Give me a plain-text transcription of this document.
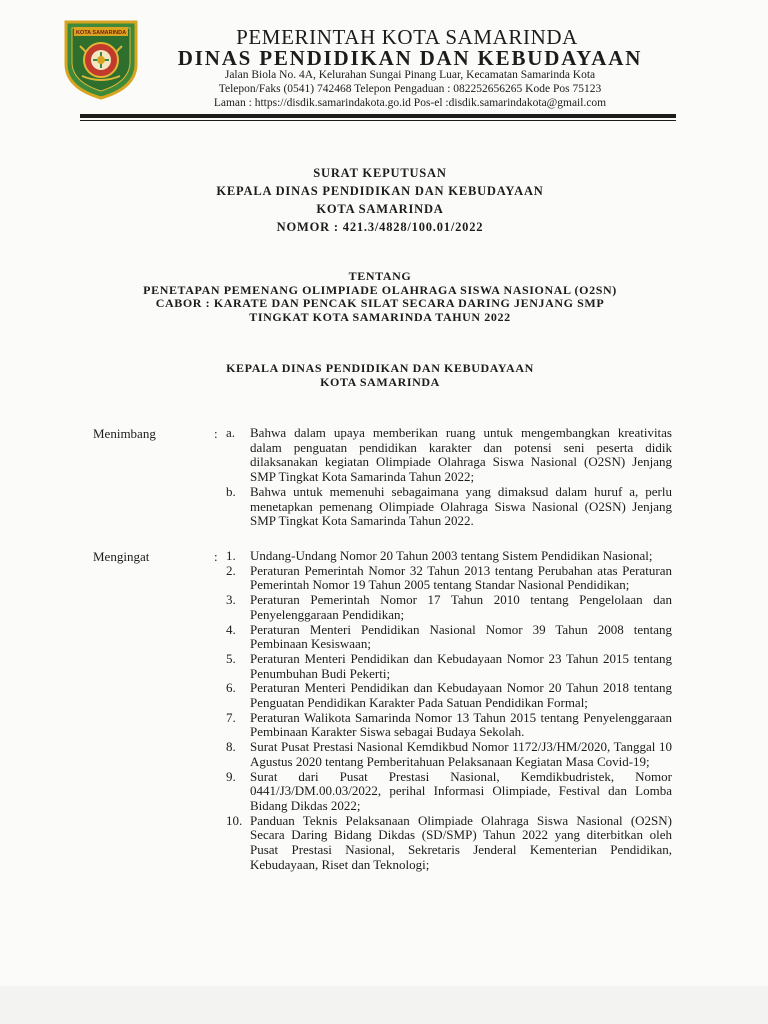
KOTA SAMARINDA	PEMERINTAH KOTA SAMARINDA
DINAS PENDIDIKAN DAN KEBUDAYAAN
Jalan Biola No. 4A, Kelurahan Sungai Pinang Luar, Kecamatan Samarinda Kota
Telepon/Faks (0541) 742468 Telepon Pengaduan : 082252656265 Kode Pos 75123
Laman : https://disdik.samarindakota.go.id Pos-el :disdik.samarindakota@gmail.com
SURAT KEPUTUSAN
KEPALA DINAS PENDIDIKAN DAN KEBUDAYAAN
KOTA SAMARINDA
NOMOR : 421.3/4828/100.01/2022
TENTANG
PENETAPAN PEMENANG OLIMPIADE OLAHRAGA SISWA NASIONAL (O2SN)
CABOR : KARATE DAN PENCAK SILAT SECARA DARING JENJANG SMP
TINGKAT KOTA SAMARINDA TAHUN 2022
KEPALA DINAS PENDIDIKAN DAN KEBUDAYAAN
KOTA SAMARINDA
Menimbang	: a.	Bahwa dalam upaya memberikan ruang untuk mengembangkan kreativitas dalam penguatan pendidikan karakter dan potensi seni peserta didik dilaksanakan kegiatan Olimpiade Olahraga Siswa Nasional (O2SN) Jenjang SMP Tingkat Kota Samarinda Tahun 2022;
b.	Bahwa untuk memenuhi sebagaimana yang dimaksud dalam huruf a, perlu menetapkan pemenang Olimpiade Olahraga Siswa Nasional (O2SN) Jenjang SMP Tingkat Kota Samarinda Tahun 2022.
Mengingat	: 1.	Undang-Undang Nomor 20 Tahun 2003 tentang Sistem Pendidikan Nasional;
2.	Peraturan Pemerintah Nomor 32 Tahun 2013 tentang Perubahan atas Peraturan Pemerintah Nomor 19 Tahun 2005 tentang Standar Nasional Pendidikan;
3.	Peraturan Pemerintah Nomor 17 Tahun 2010 tentang Pengelolaan dan Penyelenggaraan Pendidikan;
4.	Peraturan Menteri Pendidikan Nasional Nomor 39 Tahun 2008 tentang Pembinaan Kesiswaan;
5.	Peraturan Menteri Pendidikan dan Kebudayaan Nomor 23 Tahun 2015 tentang Penumbuhan Budi Pekerti;
6.	Peraturan Menteri Pendidikan dan Kebudayaan Nomor 20 Tahun 2018 tentang Penguatan Pendidikan Karakter Pada Satuan Pendidikan Formal;
7.	Peraturan Walikota Samarinda Nomor 13 Tahun 2015 tentang Penyelenggaraan Pembinaan Karakter Siswa sebagai Budaya Sekolah.
8.	Surat Pusat Prestasi Nasional Kemdikbud Nomor 1172/J3/HM/2020, Tanggal 10 Agustus 2020 tentang Pemberitahuan Pelaksanaan Kegiatan Masa Covid-19;
9.	Surat dari Pusat Prestasi Nasional, Kemdikbudristek, Nomor 0441/J3/DM.00.03/2022, perihal Informasi Olimpiade, Festival dan Lomba Bidang Dikdas 2022;
10. Panduan Teknis Pelaksanaan Olimpiade Olahraga Siswa Nasional (O2SN) Secara Daring Bidang Dikdas (SD/SMP) Tahun 2022 yang diterbitkan oleh Pusat Prestasi Nasional, Sekretaris Jenderal Kementerian Pendidikan, Kebudayaan, Riset dan Teknologi;
